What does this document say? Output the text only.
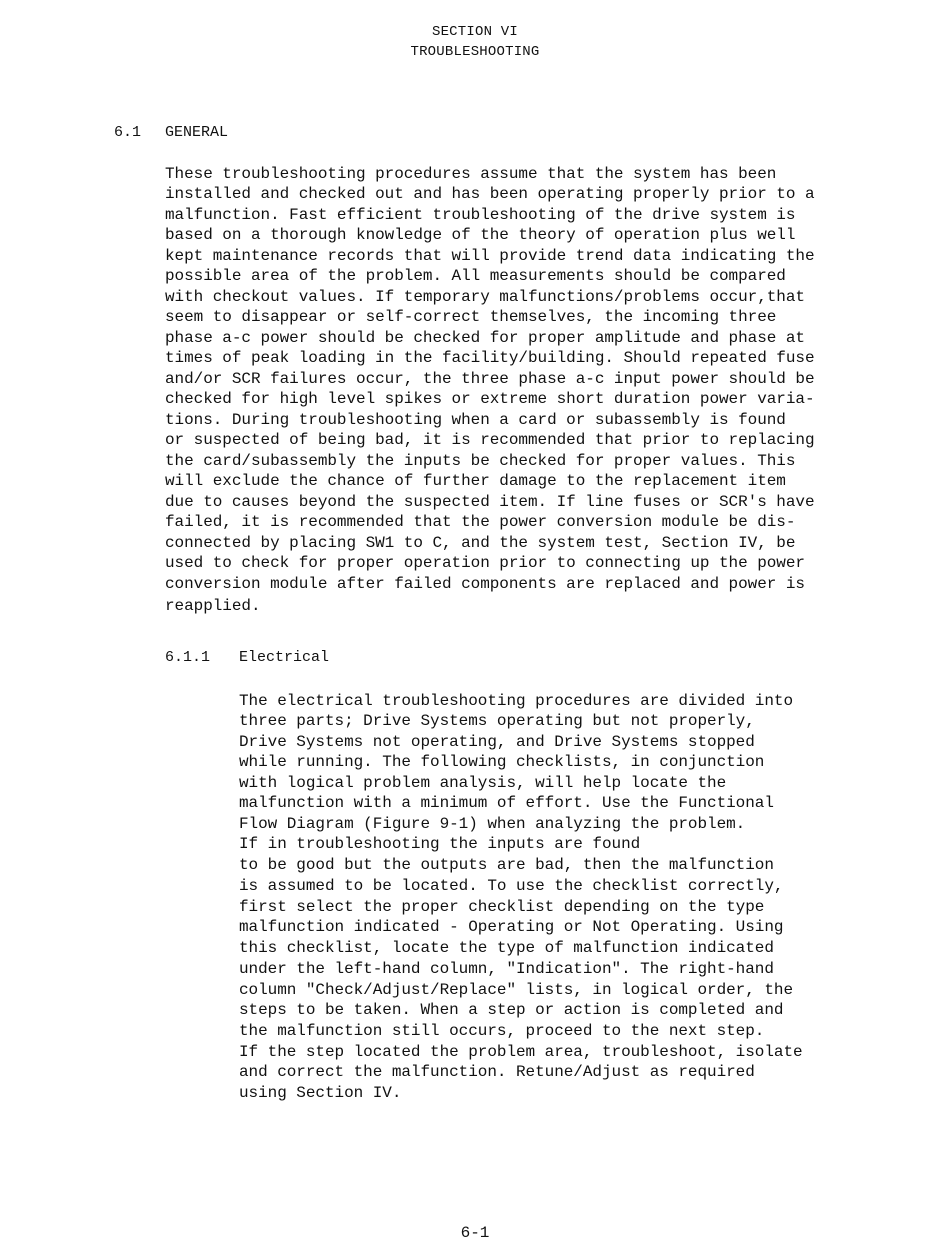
SECTION VI
TROUBLESHOOTING
6.1 GENERAL
These troubleshooting procedures assume that the system has been
installed and checked out and has been operating properly prior to a
malfunction. Fast efficient troubleshooting of the drive system is
based on a thorough knowledge of the theory of operation plus well
kept maintenance records that will provide trend data indicating the
possible area of the problem. All measurements should be compared
with checkout values. If temporary malfunctions/problems occur,that
seem to disappear or self-correct themselves, the incoming three
phase a-c power should be checked for proper amplitude and phase at
times of peak loading in the facility/building. Should repeated fuse
and/or SCR failures occur, the three phase a-c input power should be
checked for high level spikes or extreme short duration power varia-
tions. During troubleshooting when a card or subassembly is found
or suspected of being bad, it is recommended that prior to replacing
the card/subassembly the inputs be checked for proper values. This
will exclude the chance of further damage to the replacement item
due to causes beyond the suspected item. If line fuses or SCR's have
failed, it is recommended that the power conversion module be dis-
connected by placing SW1 to C, and the system test, Section IV, be
used to check for proper operation prior to connecting up the power
conversion module after failed components are replaced and power is
reapplied.
6.1.1 Electrical
The electrical troubleshooting procedures are divided into
three parts; Drive Systems operating but not properly,
Drive Systems not operating, and Drive Systems stopped
while running. The following checklists, in conjunction
with logical problem analysis, will help locate the
malfunction with a minimum of effort. Use the Functional
Flow Diagram (Figure 9-1) when analyzing the problem.
If in troubleshooting the inputs are found
to be good but the outputs are bad, then the malfunction
is assumed to be located. To use the checklist correctly,
first select the proper checklist depending on the type
malfunction indicated - Operating or Not Operating. Using
this checklist, locate the type of malfunction indicated
under the left-hand column, "Indication". The right-hand
column "Check/Adjust/Replace" lists, in logical order, the
steps to be taken. When a step or action is completed and
the malfunction still occurs, proceed to the next step.
If the step located the problem area, troubleshoot, isolate
and correct the malfunction. Retune/Adjust as required
using Section IV.
6-1
